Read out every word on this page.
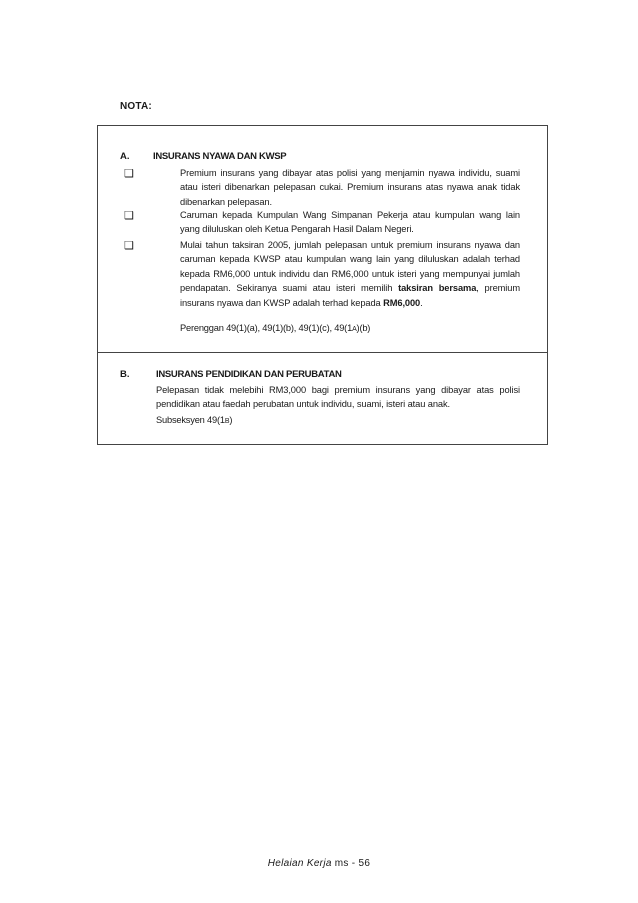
NOTA:
A. INSURANS NYAWA DAN KWSP
❑	Premium insurans yang dibayar atas polisi yang menjamin nyawa individu, suami atau isteri dibenarkan pelepasan cukai. Premium insurans atas nyawa anak tidak dibenarkan pelepasan.
❑	Caruman kepada Kumpulan Wang Simpanan Pekerja atau kumpulan wang lain yang diluluskan oleh Ketua Pengarah Hasil Dalam Negeri.
❑	Mulai tahun taksiran 2005, jumlah pelepasan untuk premium insurans nyawa dan caruman kepada KWSP atau kumpulan wang lain yang diluluskan adalah terhad kepada RM6,000 untuk individu dan RM6,000 untuk isteri yang mempunyai jumlah pendapatan. Sekiranya suami atau isteri memilih taksiran bersama, premium insurans nyawa dan KWSP adalah terhad kepada RM6,000.
Perenggan 49(1)(a), 49(1)(b), 49(1)(c), 49(1A)(b)
B.	INSURANS PENDIDIKAN DAN PERUBATAN
Pelepasan tidak melebihi RM3,000 bagi premium insurans yang dibayar atas polisi pendidikan atau faedah perubatan untuk individu, suami, isteri atau anak.
Subseksyen 49(1B)
Helaian Kerja ms - 56
